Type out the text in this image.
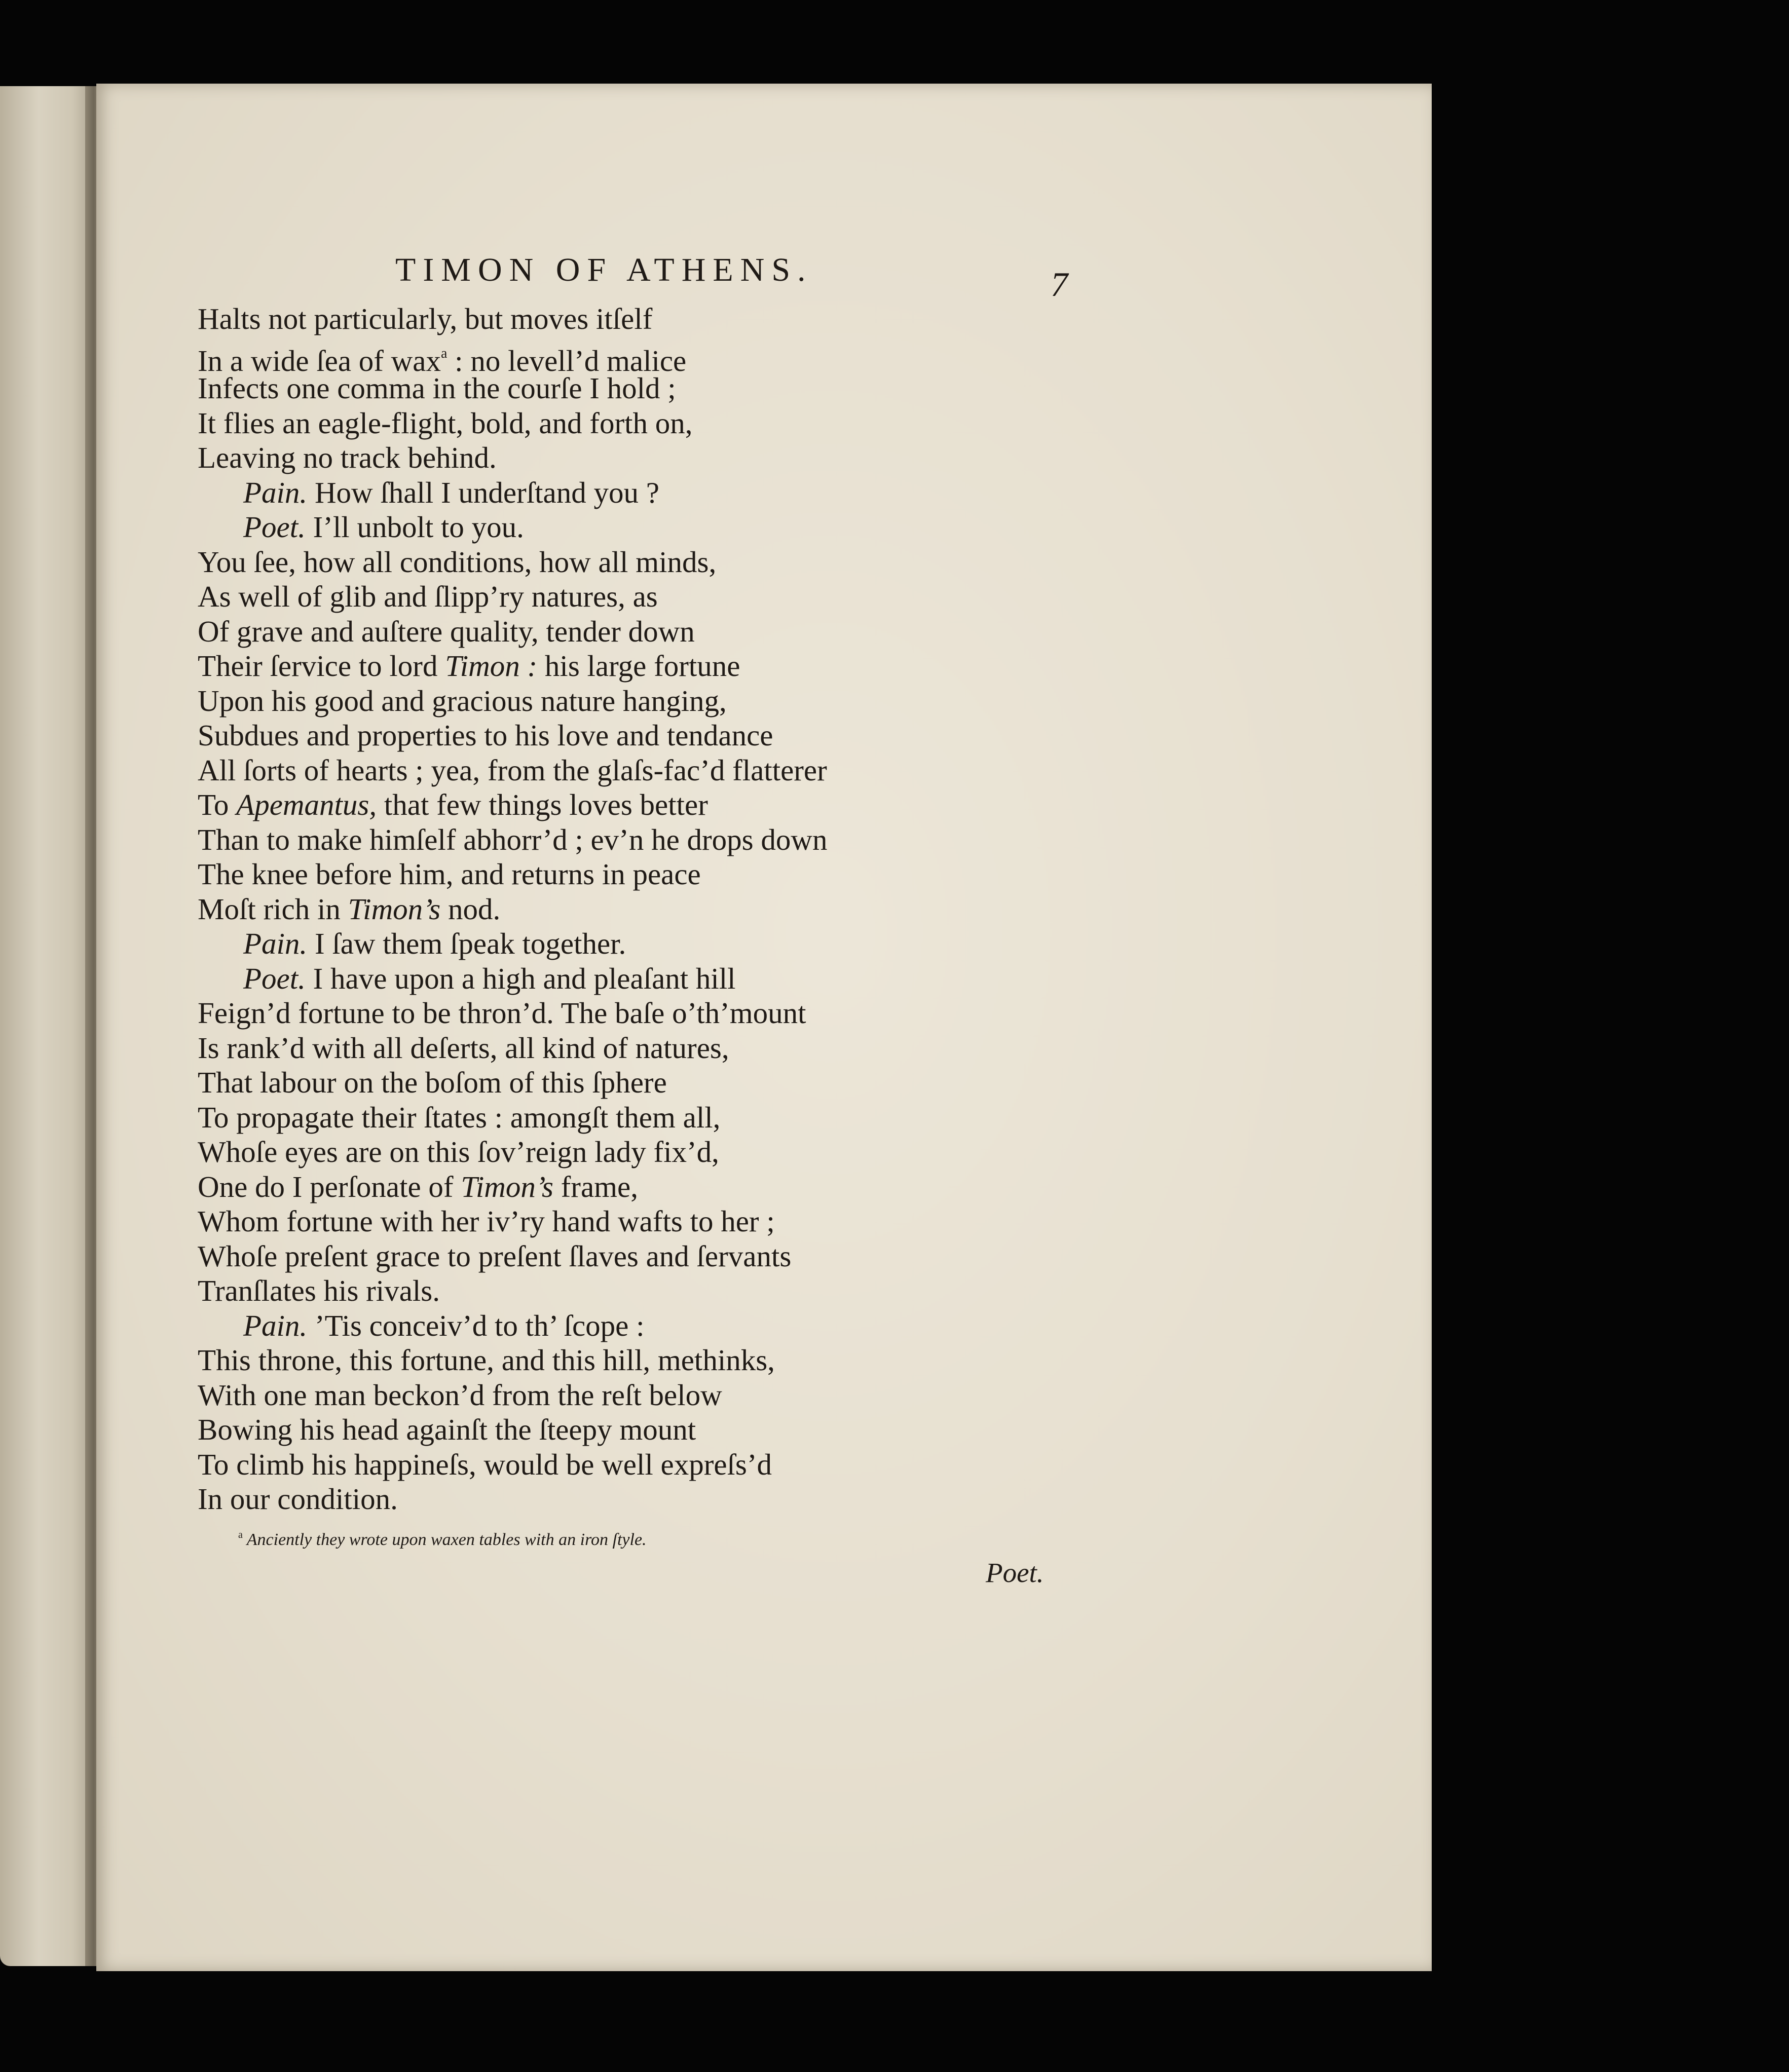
TIMON OF ATHENS.	7
Halts not particularly, but moves itſelf
In a wide ſea of wax$^a$ : no levell’d malice
Infects one comma in the courſe I hold ;
It flies an eagle-flight, bold, and forth on,
Leaving no track behind.
Pain. How ſhall I underſtand you ?
Poet. I’ll unbolt to you.
You ſee, how all conditions, how all minds,
As well of glib and ſlipp’ry natures, as
Of grave and auſtere quality, tender down
Their ſervice to lord Timon : his large fortune
Upon his good and gracious nature hanging,
Subdues and properties to his love and tendance
All ſorts of hearts ; yea, from the glaſs-fac’d flatterer
To Apemantus, that few things loves better
Than to make himſelf abhorr’d ; ev’n he drops down
The knee before him, and returns in peace
Moſt rich in Timon’s nod.
Pain. I ſaw them ſpeak together.
Poet. I have upon a high and pleaſant hill
Feign’d fortune to be thron’d. The baſe o’th’mount
Is rank’d with all deſerts, all kind of natures,
That labour on the boſom of this ſphere
To propagate their ſtates : amongſt them all,
Whoſe eyes are on this ſov’reign lady fix’d,
One do I perſonate of Timon’s frame,
Whom fortune with her iv’ry hand wafts to her ;
Whoſe preſent grace to preſent ſlaves and ſervants
Tranſlates his rivals.
Pain. ’Tis conceiv’d to th’ ſcope :
This throne, this fortune, and this hill, methinks,
With one man beckon’d from the reſt below
Bowing his head againſt the ſteepy mount
To climb his happineſs, would be well expreſs’d
In our condition.
$^a$ Anciently they wrote upon waxen tables with an iron ſtyle.
Poet.
